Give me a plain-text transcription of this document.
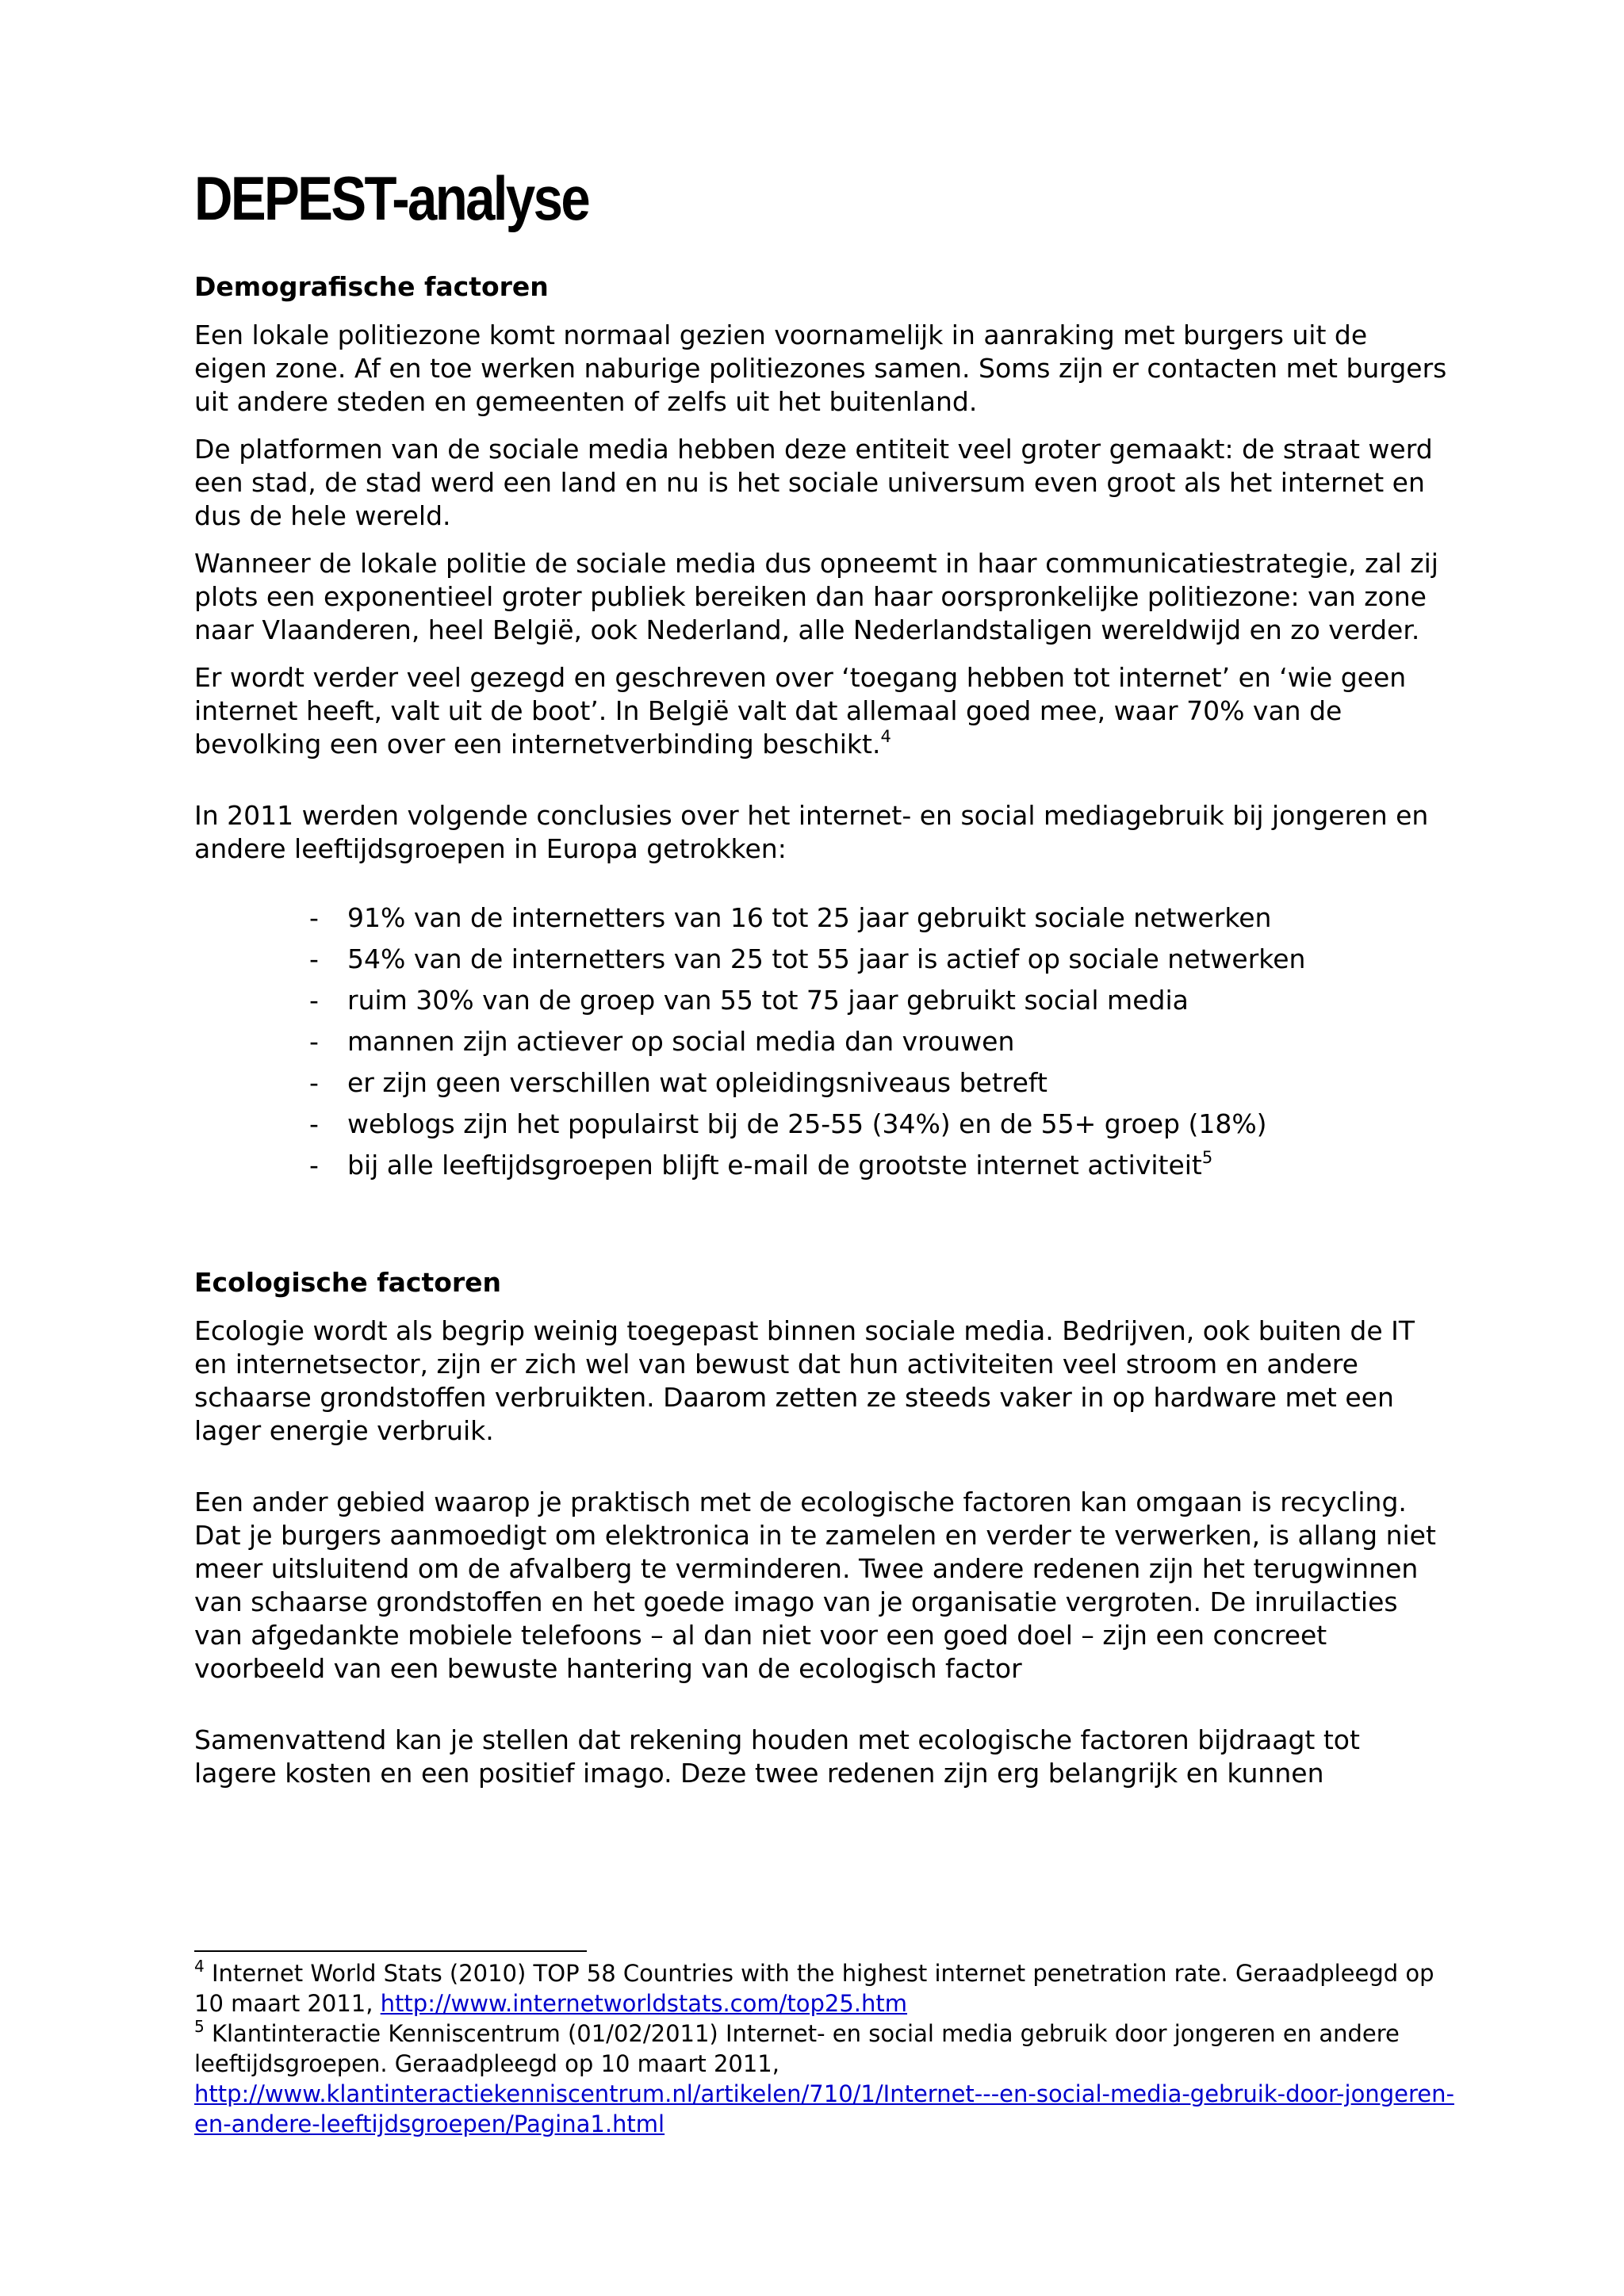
DEPEST-analyse
Demografische factoren

Een lokale politiezone komt normaal gezien voornamelijk in aanraking met burgers uit de eigen zone. Af en toe werken naburige politiezones samen. Soms zijn er contacten met burgers uit andere steden en gemeenten of zelfs uit het buitenland.

De platformen van de sociale media hebben deze entiteit veel groter gemaakt: de straat werd een stad, de stad werd een land en nu is het sociale universum even groot als het internet en dus de hele wereld.

Wanneer de lokale politie de sociale media dus opneemt in haar communicatiestrategie, zal zij plots een exponentieel groter publiek bereiken dan haar oorspronkelijke politiezone: van zone naar Vlaanderen, heel België, ook Nederland, alle Nederlandstaligen wereldwijd en zo verder.

Er wordt verder veel gezegd en geschreven over ‘toegang hebben tot internet’ en ‘wie geen internet heeft, valt uit de boot’. In België valt dat allemaal goed mee, waar 70% van de bevolking een over een internetverbinding beschikt.$^4$

In 2011 werden volgende conclusies over het internet- en social mediagebruik bij jongeren en andere leeftijdsgroepen in Europa getrokken:

- 91% van de internetters van 16 tot 25 jaar gebruikt sociale netwerken
- 54% van de internetters van 25 tot 55 jaar is actief op sociale netwerken
- ruim 30% van de groep van 55 tot 75 jaar gebruikt social media
- mannen zijn actiever op social media dan vrouwen
- er zijn geen verschillen wat opleidingsniveaus betreft
- weblogs zijn het populairst bij de 25-55 (34%) en de 55+ groep (18%)
- bij alle leeftijdsgroepen blijft e-mail de grootste internet activiteit$^5$
Ecologische factoren

Ecologie wordt als begrip weinig toegepast binnen sociale media. Bedrijven, ook buiten de IT en internetsector, zijn er zich wel van bewust dat hun activiteiten veel stroom en andere schaarse grondstoffen verbruikten. Daarom zetten ze steeds vaker in op hardware met een lager energie verbruik.

Een ander gebied waarop je praktisch met de ecologische factoren kan omgaan is recycling. Dat je burgers aanmoedigt om elektronica in te zamelen en verder te verwerken, is allang niet meer uitsluitend om de afvalberg te verminderen. Twee andere redenen zijn het terugwinnen van schaarse grondstoffen en het goede imago van je organisatie vergroten. De inruilacties van afgedankte mobiele telefoons – al dan niet voor een goed doel – zijn een concreet voorbeeld van een bewuste hantering van de ecologisch factor

Samenvattend kan je stellen dat rekening houden met ecologische factoren bijdraagt tot lagere kosten en een positief imago. Deze twee redenen zijn erg belangrijk en kunnen

$^4$ Internet World Stats (2010) TOP 58 Countries with the highest internet penetration rate. Geraadpleegd op 10 maart 2011, http://www.internetworldstats.com/top25.htm

$^5$ Klantinteractie Kenniscentrum (01/02/2011) Internet- en social media gebruik door jongeren en andere leeftijdsgroepen. Geraadpleegd op 10 maart 2011, http://www.klantinteractiekenniscentrum.nl/artikelen/710/1/Internet---en-social-media-gebruik-door-jongeren-en-andere-leeftijdsgroepen/Pagina1.html
